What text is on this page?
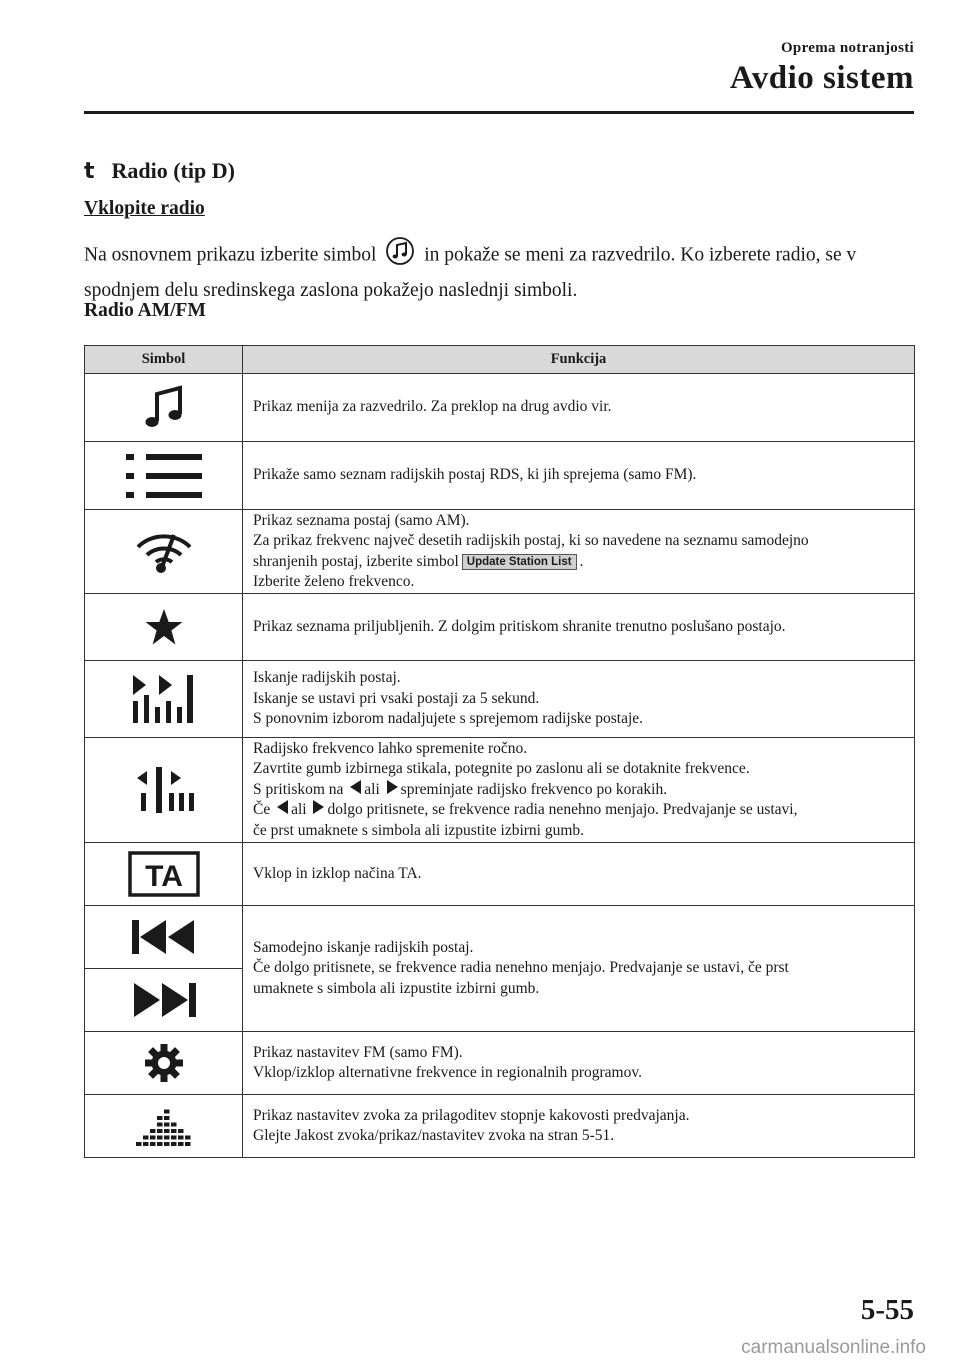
Oprema notranjosti
Avdio sistem
t Radio (tip D)
Vklopite radio
Na osnovnem prikazu izberite simbol in pokaže se meni za razvedrilo. Ko izberete radio, se v spodnjem delu sredinskega zaslona pokažejo naslednji simboli.
Radio AM/FM
Simbol	Funkcija

	Prikaz menija za razvedrilo. Za preklop na drug avdio vir.

	Prikaže samo seznam radijskih postaj RDS, ki jih sprejema (samo FM).

Prikaz seznama postaj (samo AM).
Za prikaz frekvenc največ desetih radijskih postaj, ki so navedene na seznamu samodejno
shranjenih postaj, izberite simbol Update Station List .
Izberite želeno frekvenco.

	Prikaz seznama priljubljenih. Z dolgim pritiskom shranite trenutno poslušano postajo.

Iskanje radijskih postaj.
Iskanje se ustavi pri vsaki postaji za 5 sekund.
S ponovnim izborom nadaljujete s sprejemom radijske postaje.

Radijsko frekvenco lahko spremenite ročno.
Zavrtite gumb izbirnega stikala, potegnite po zaslonu ali se dotaknite frekvence.
S pritiskom na ali spreminjate radijsko frekvenco po korakih.
Če ali dolgo pritisnete, se frekvence radia nenehno menjajo. Predvajanje se ustavi,
če prst umaknete s simbola ali izpustite izbirni gumb.

TA	Vklop in izklop načina TA.

Samodejno iskanje radijskih postaj.
Če dolgo pritisnete, se frekvence radia nenehno menjajo. Predvajanje se ustavi, če prst
umaknete s simbola ali izpustite izbirni gumb.

Prikaz nastavitev FM (samo FM).
Vklop/izklop alternativne frekvence in regionalnih programov.

Prikaz nastavitev zvoka za prilagoditev stopnje kakovosti predvajanja.
Glejte Jakost zvoka/prikaz/nastavitev zvoka na stran 5-51.
5-55
carmanualsonline.info
